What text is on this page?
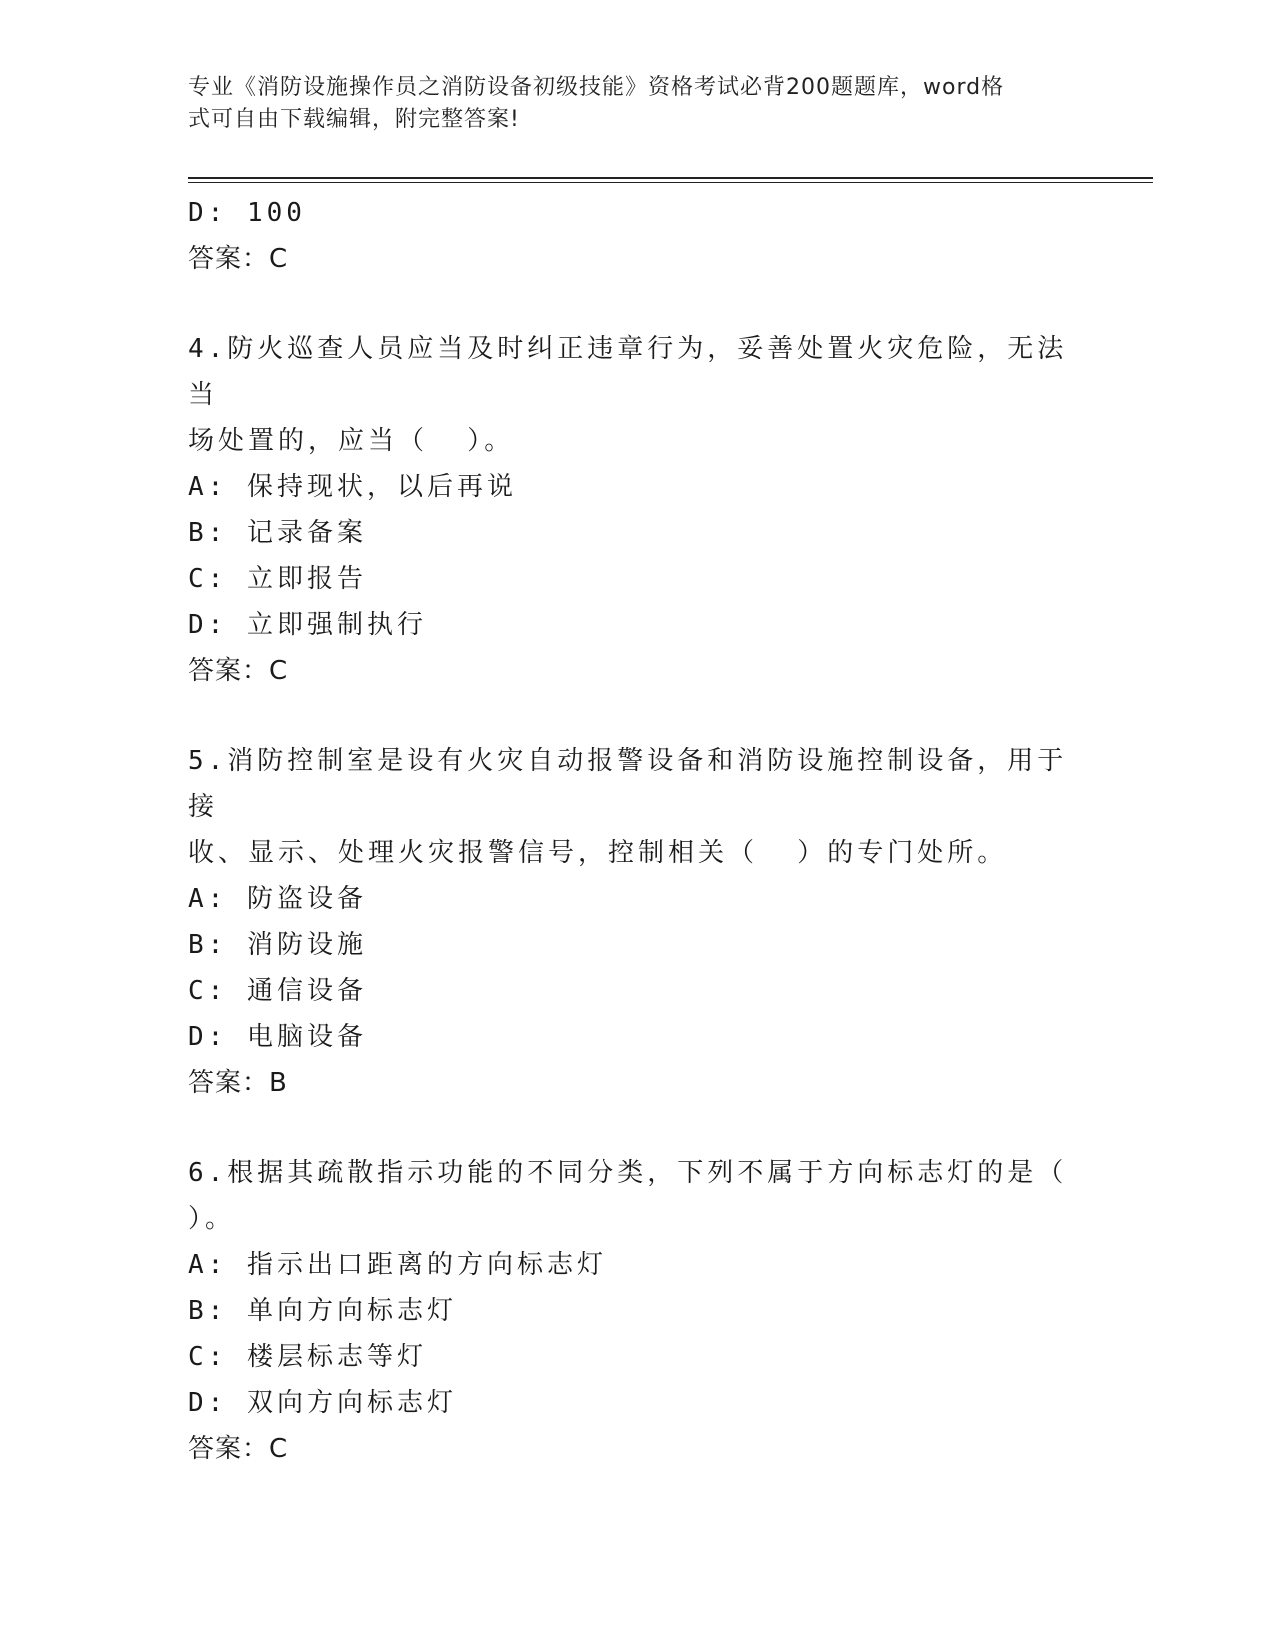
专业《消防设施操作员之消防设备初级技能》资格考试必背200题题库，word格
式可自由下载编辑，附完整答案!
D: 100
答案：C
4.防火巡查人员应当及时纠正违章行为，妥善处置火灾危险，无法当
场处置的，应当（  ）。
A: 保持现状，以后再说
B: 记录备案
C: 立即报告
D: 立即强制执行
答案：C
5.消防控制室是设有火灾自动报警设备和消防设施控制设备，用于接
收、显示、处理火灾报警信号，控制相关（  ）的专门处所。
A: 防盗设备
B: 消防设施
C: 通信设备
D: 电脑设备
答案：B
6.根据其疏散指示功能的不同分类，下列不属于方向标志灯的是（
）。
A: 指示出口距离的方向标志灯
B: 单向方向标志灯
C: 楼层标志等灯
D: 双向方向标志灯
答案：C
